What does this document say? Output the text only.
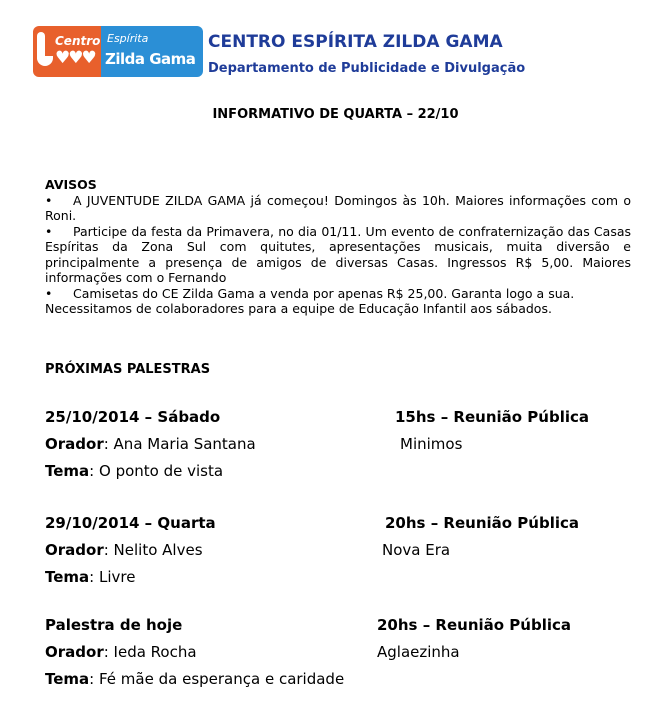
Centro
♥♥♥
Espírita
Zilda Gama
CENTRO ESPÍRITA ZILDA GAMA
Departamento de Publicidade e Divulgação
INFORMATIVO DE QUARTA – 22/10
AVISOS

• A JUVENTUDE ZILDA GAMA já começou! Domingos às 10h. Maiores informações com o Roni.

• Participe da festa da Primavera, no dia 01/11. Um evento de confraternização das Casas Espíritas da Zona Sul com quitutes, apresentações musicais, muita diversão e principalmente a presença de amigos de diversas Casas. Ingressos R$ 5,00. Maiores informações com o Fernando

• Camisetas do CE Zilda Gama a venda por apenas R$ 25,00. Garanta logo a sua.

Necessitamos de colaboradores para a equipe de Educação Infantil aos sábados.

PRÓXIMAS PALESTRAS
25/10/2014 – Sábado	15hs – Reunião Pública
Orador: Ana Maria Santana	Minimos
Tema: O ponto de vista
29/10/2014 – Quarta	20hs – Reunião Pública
Orador: Nelito Alves	Nova Era
Tema: Livre
Palestra de hoje	20hs – Reunião Pública
Orador: Ieda Rocha	Aglaezinha
Tema: Fé mãe da esperança e caridade
